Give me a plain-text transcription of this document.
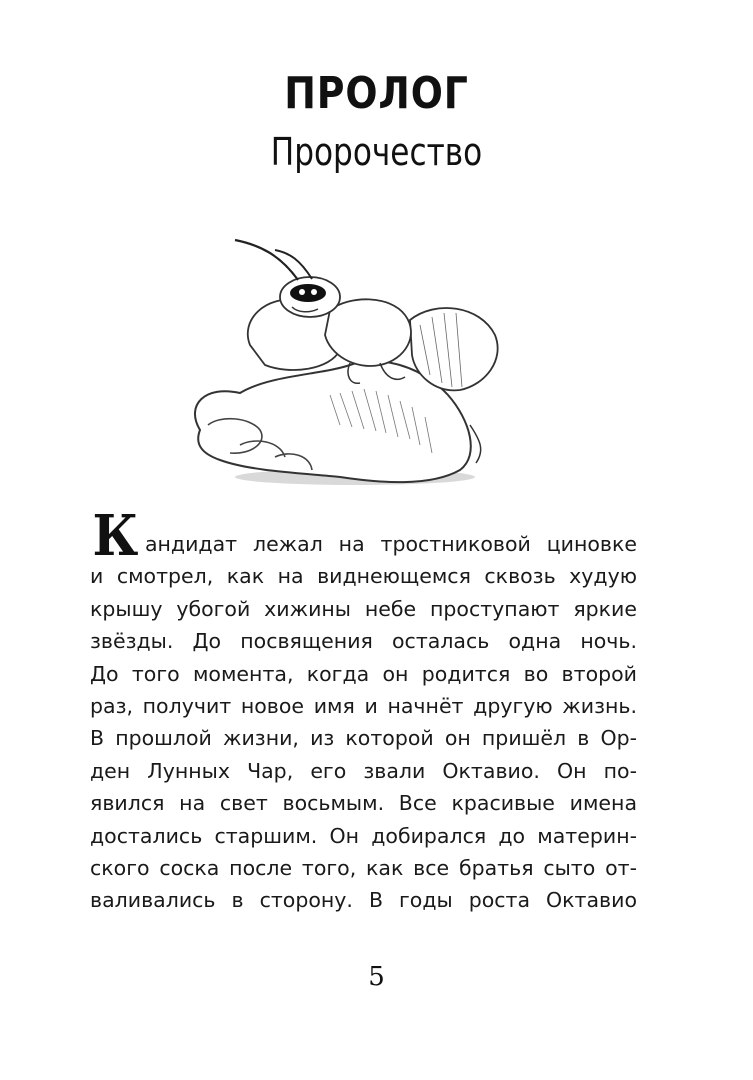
ПРОЛОГ
Пророчество
К андидат лежал на тростниковой циновке
и смотрел, как на виднеющемся сквозь худую
крышу убогой хижины небе проступают яркие
звёзды. До посвящения осталась одна ночь.
До того момента, когда он родится во второй
раз, получит новое имя и начнёт другую жизнь.
В прошлой жизни, из которой он пришёл в Ор-
ден Лунных Чар, его звали Октавио. Он по-
явился на свет восьмым. Все красивые имена
достались старшим. Он добирался до материн-
ского соска после того, как все братья сыто от-
валивались в сторону. В годы роста Октавио
5
